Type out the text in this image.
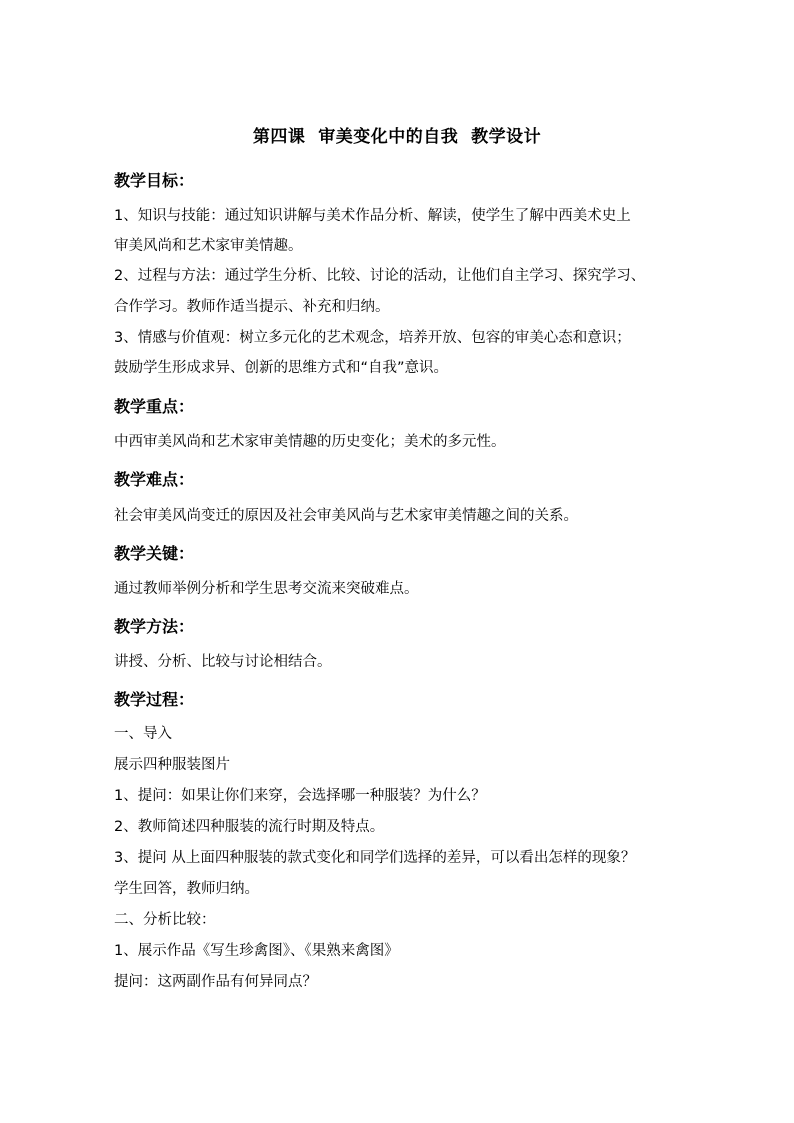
第四课  审美变化中的自我  教学设计
教学目标：
1、知识与技能：通过知识讲解与美术作品分析、解读，使学生了解中西美术史上
审美风尚和艺术家审美情趣。
2、过程与方法：通过学生分析、比较、讨论的活动，让他们自主学习、探究学习、
合作学习。教师作适当提示、补充和归纳。
3、情感与价值观：树立多元化的艺术观念，培养开放、包容的审美心态和意识；
鼓励学生形成求异、创新的思维方式和“自我”意识。
教学重点：
中西审美风尚和艺术家审美情趣的历史变化；美术的多元性。
教学难点：
社会审美风尚变迁的原因及社会审美风尚与艺术家审美情趣之间的关系。
教学关键：
通过教师举例分析和学生思考交流来突破难点。
教学方法：
讲授、分析、比较与讨论相结合。
教学过程：
一、导入
展示四种服装图片
1、提问：如果让你们来穿，会选择哪一种服装？为什么？
2、教师简述四种服装的流行时期及特点。
3、提问 从上面四种服装的款式变化和同学们选择的差异，可以看出怎样的现象？
学生回答，教师归纳。
二、分析比较：
1、展示作品《写生珍禽图》、《果熟来禽图》
提问：这两副作品有何异同点？
